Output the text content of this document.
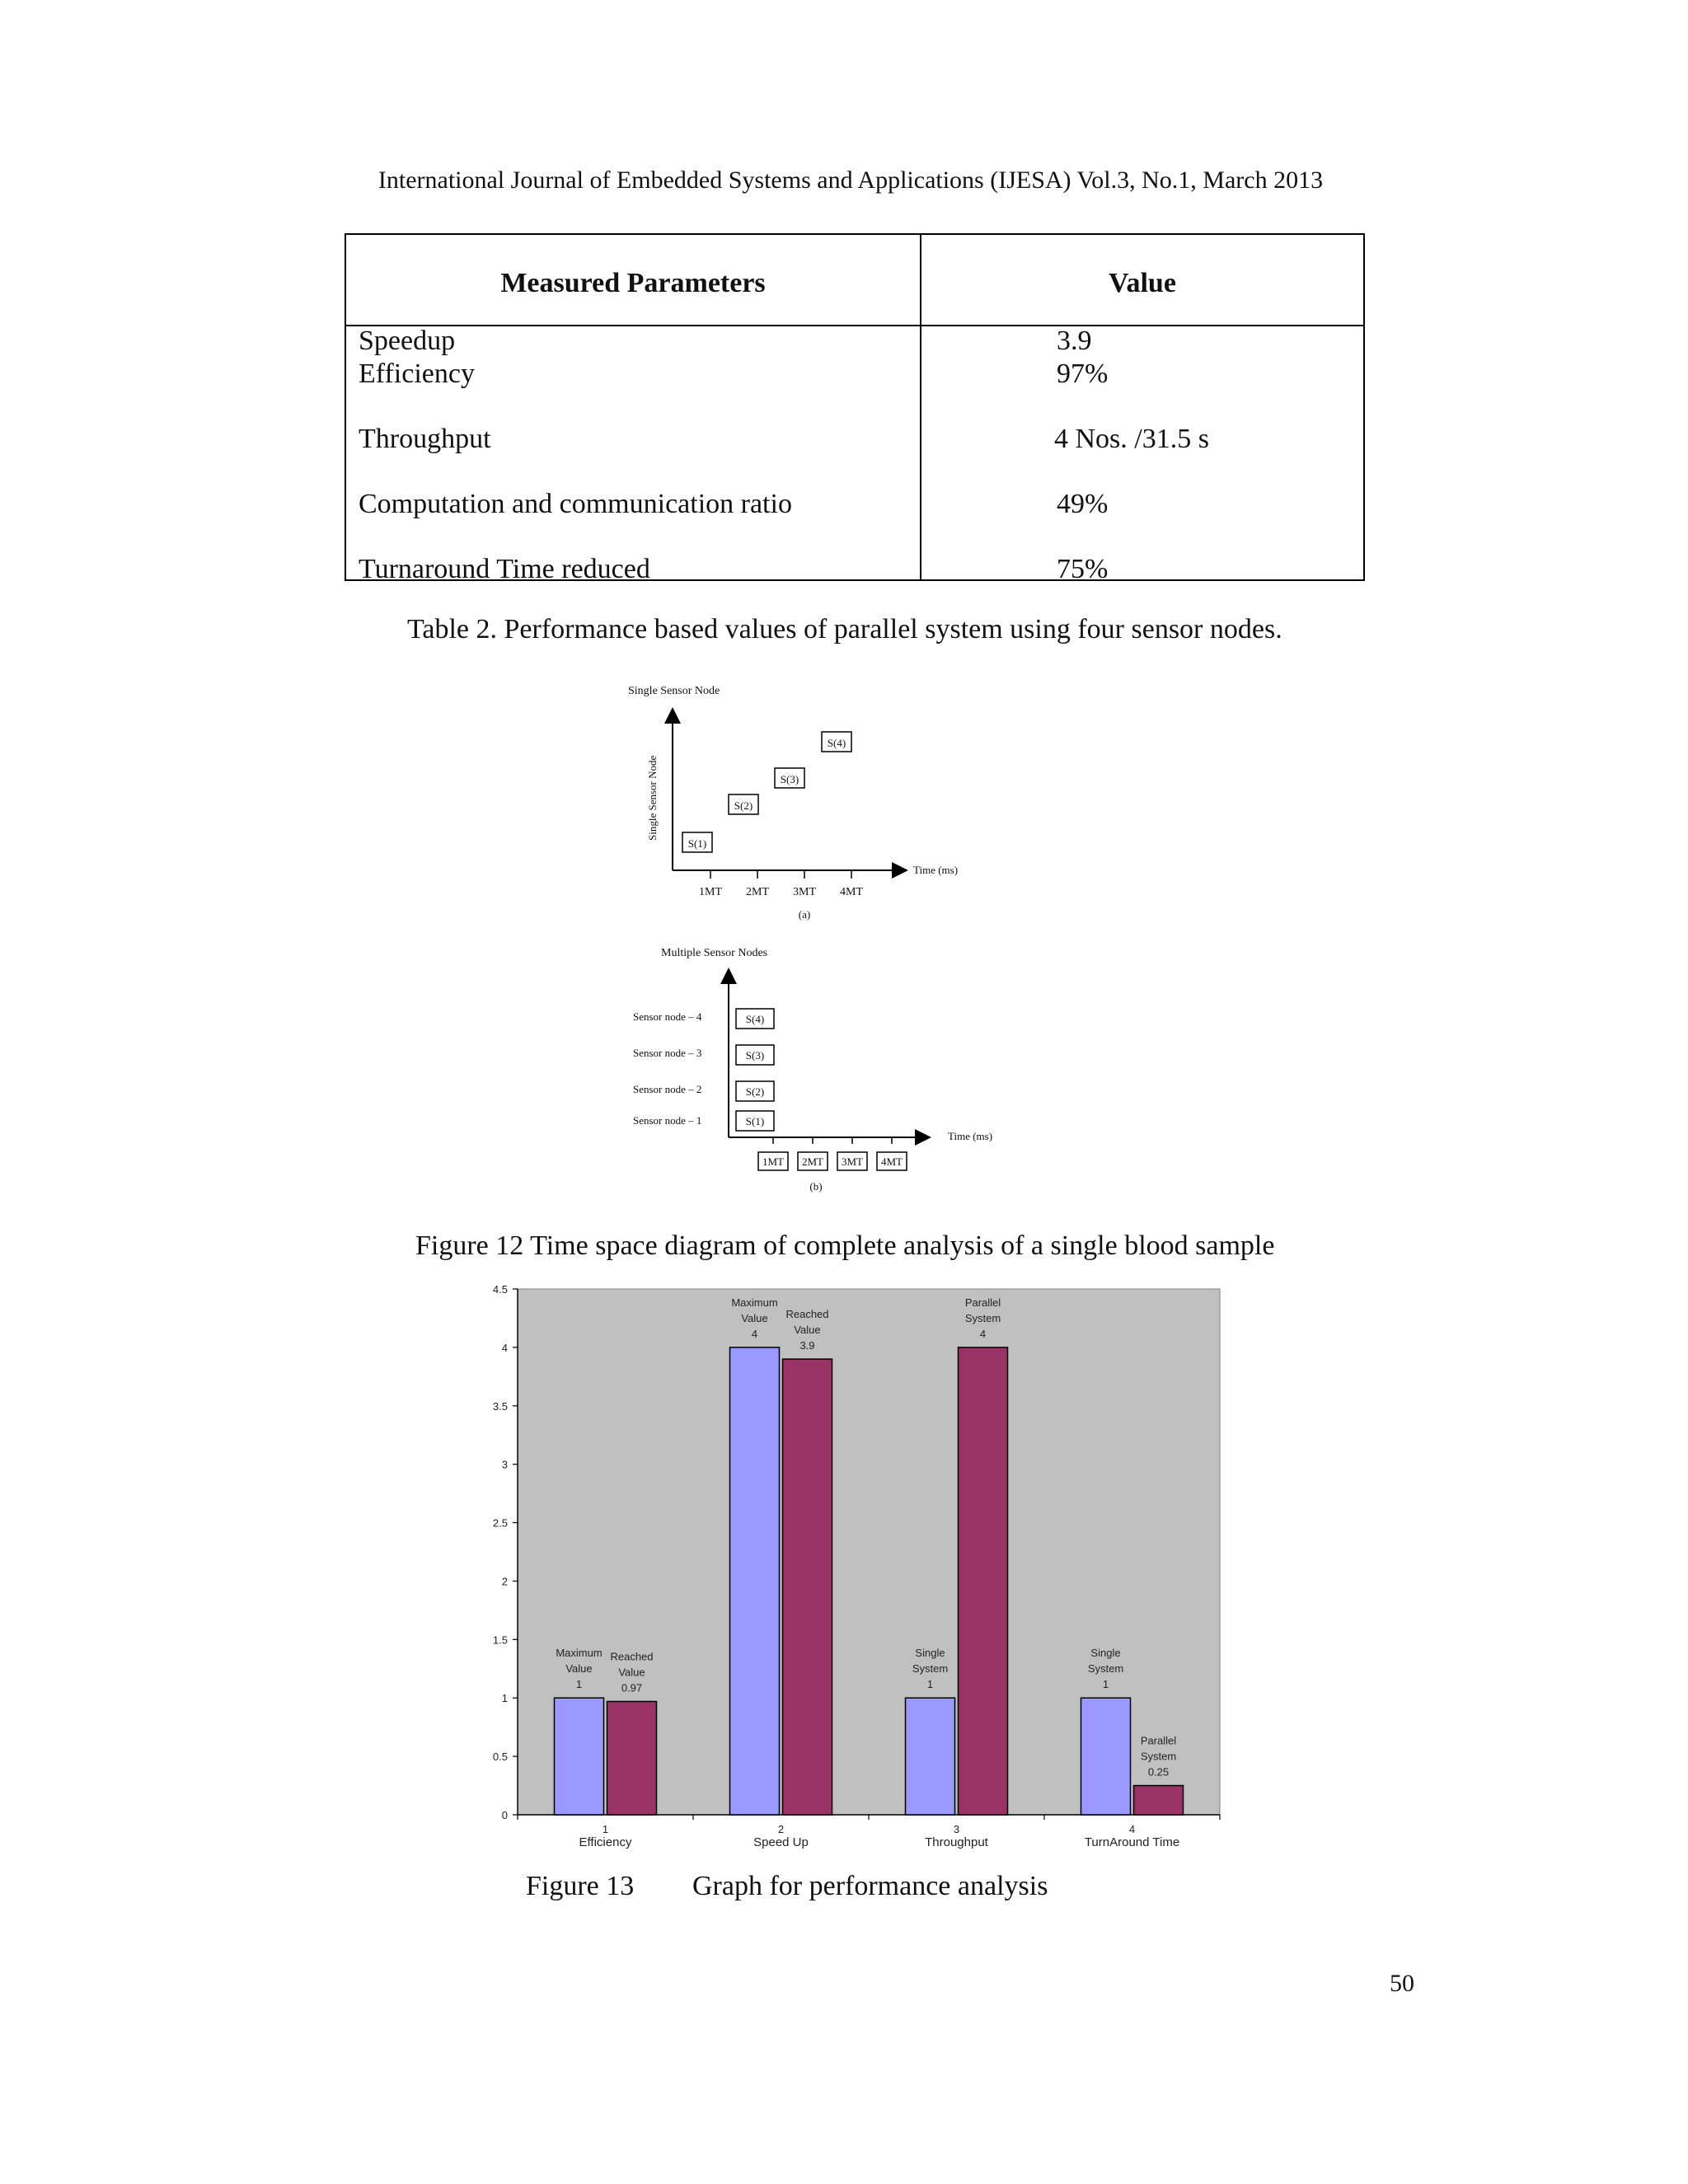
International Journal of Embedded Systems and Applications (IJESA) Vol.3, No.1, March 2013
Measured Parameters	Value
Speedup	3.9
Efficiency	97%
Throughput	4 Nos. /31.5 s
Computation and communication ratio	49%
Turnaround Time reduced	75%
Table 2. Performance based values of parallel system using four sensor nodes.
Single Sensor Node
Single Sensor Node
Time (ms)
1MT 2MT 3MT 4MT
(a)
S(1)
S(2)
S(3)
S(4)
Multiple Sensor Nodes
Time (ms)
Sensor node – 4
Sensor node – 3
Sensor node – 2
Sensor node – 1
S(4)
S(3)
S(2)
S(1)
1MT 2MT 3MT 4MT
(b)
Figure 12 Time space diagram of complete analysis of a single blood sample
0
0.5
1
1.5
2
2.5
3
3.5
4
4.5
1
Efficiency
2
Speed Up
3
Throughput
4
TurnAround Time
1
Maximum
Value
0.97
Reached
Value
4
Maximum
Value
3.9
Reached
Value
1
Single
System
4
Parallel
System
1
Single
System
0.25
Parallel
System
Figure 13 Graph for performance analysis
50
